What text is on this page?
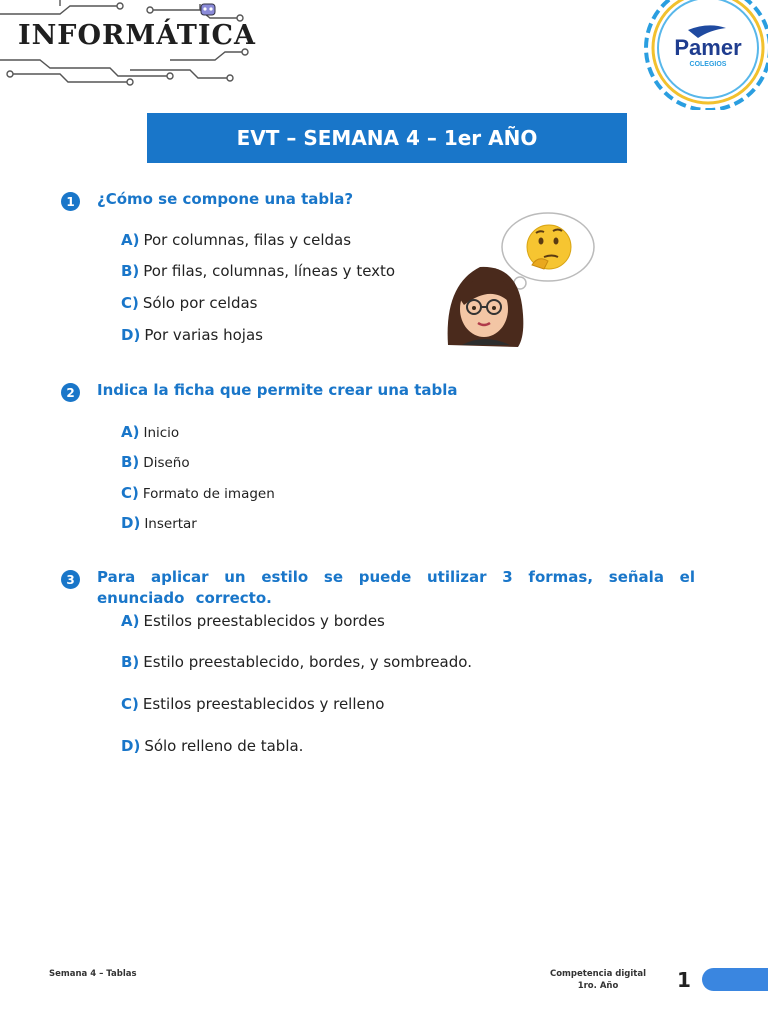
INFORMÁTICA	Pamer
COLEGIOS
EVT – SEMANA 4 – 1er AÑO
1	¿Cómo se compone una tabla?
A) Por columnas, filas y celdas
B) Por filas, columnas, líneas y texto
C) Sólo por celdas
D) Por varias hojas
2	Indica la ficha que permite crear una tabla
A) Inicio
B) Diseño
C) Formato de imagen
D) Insertar
3	Para aplicar un estilo se puede utilizar 3 formas, señala el enunciado correcto.
A) Estilos preestablecidos y bordes
B) Estilo preestablecido, bordes, y sombreado.
C) Estilos preestablecidos y relleno
D) Sólo relleno de tabla.
Semana 4 – Tablas	Competencia digital
1ro. Año	1
